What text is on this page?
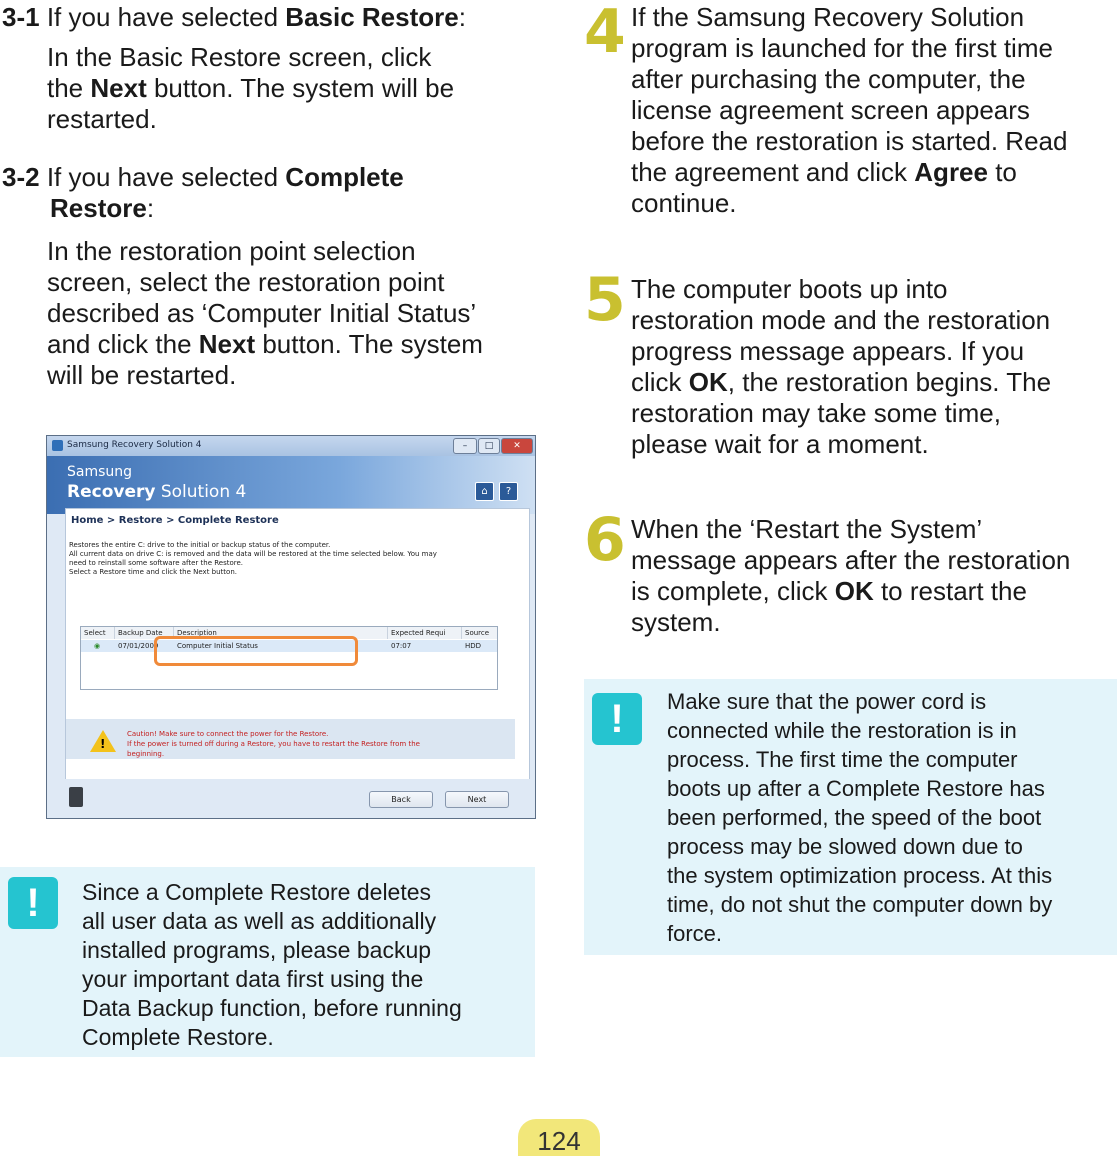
3-1 If you have selected Basic Restore:
In the Basic Restore screen, click
the Next button. The system will be
restarted.
3-2 If you have selected Complete
Restore:
In the restoration point selection
screen, select the restoration point
described as ‘Computer Initial Status’
and click the Next button. The system
will be restarted.
Samsung Recovery Solution 4	–	□	✕
Samsung
Recovery Solution 4	⌂	?
Home > Restore > Complete Restore
Restores the entire C: drive to the initial or backup status of the computer.
All current data on drive C: is removed and the data will be restored at the time selected below. You may
need to reinstall some software after the Restore.
Select a Restore time and click the Next button.
Select	Backup Date	Description	Expected Requi	Source
◉	07/01/2009	Computer Initial Status	07:07	HDD
!
Caution! Make sure to connect the power for the Restore.
If the power is turned off during a Restore, you have to restart the Restore from the
beginning.
Back	Next
!	Since a Complete Restore deletes
all user data as well as additionally
installed programs, please backup
your important data first using the
Data Backup function, before running
Complete Restore.
4 If the Samsung Recovery Solution
program is launched for the first time
after purchasing the computer, the
license agreement screen appears
before the restoration is started. Read
the agreement and click Agree to
continue.
5 The computer boots up into
restoration mode and the restoration
progress message appears. If you
click OK, the restoration begins. The
restoration may take some time,
please wait for a moment.
6 When the ‘Restart the System’
message appears after the restoration
is complete, click OK to restart the
system.
!	Make sure that the power cord is
connected while the restoration is in
process. The first time the computer
boots up after a Complete Restore has
been performed, the speed of the boot
process may be slowed down due to
the system optimization process. At this
time, do not shut the computer down by
force.
124
